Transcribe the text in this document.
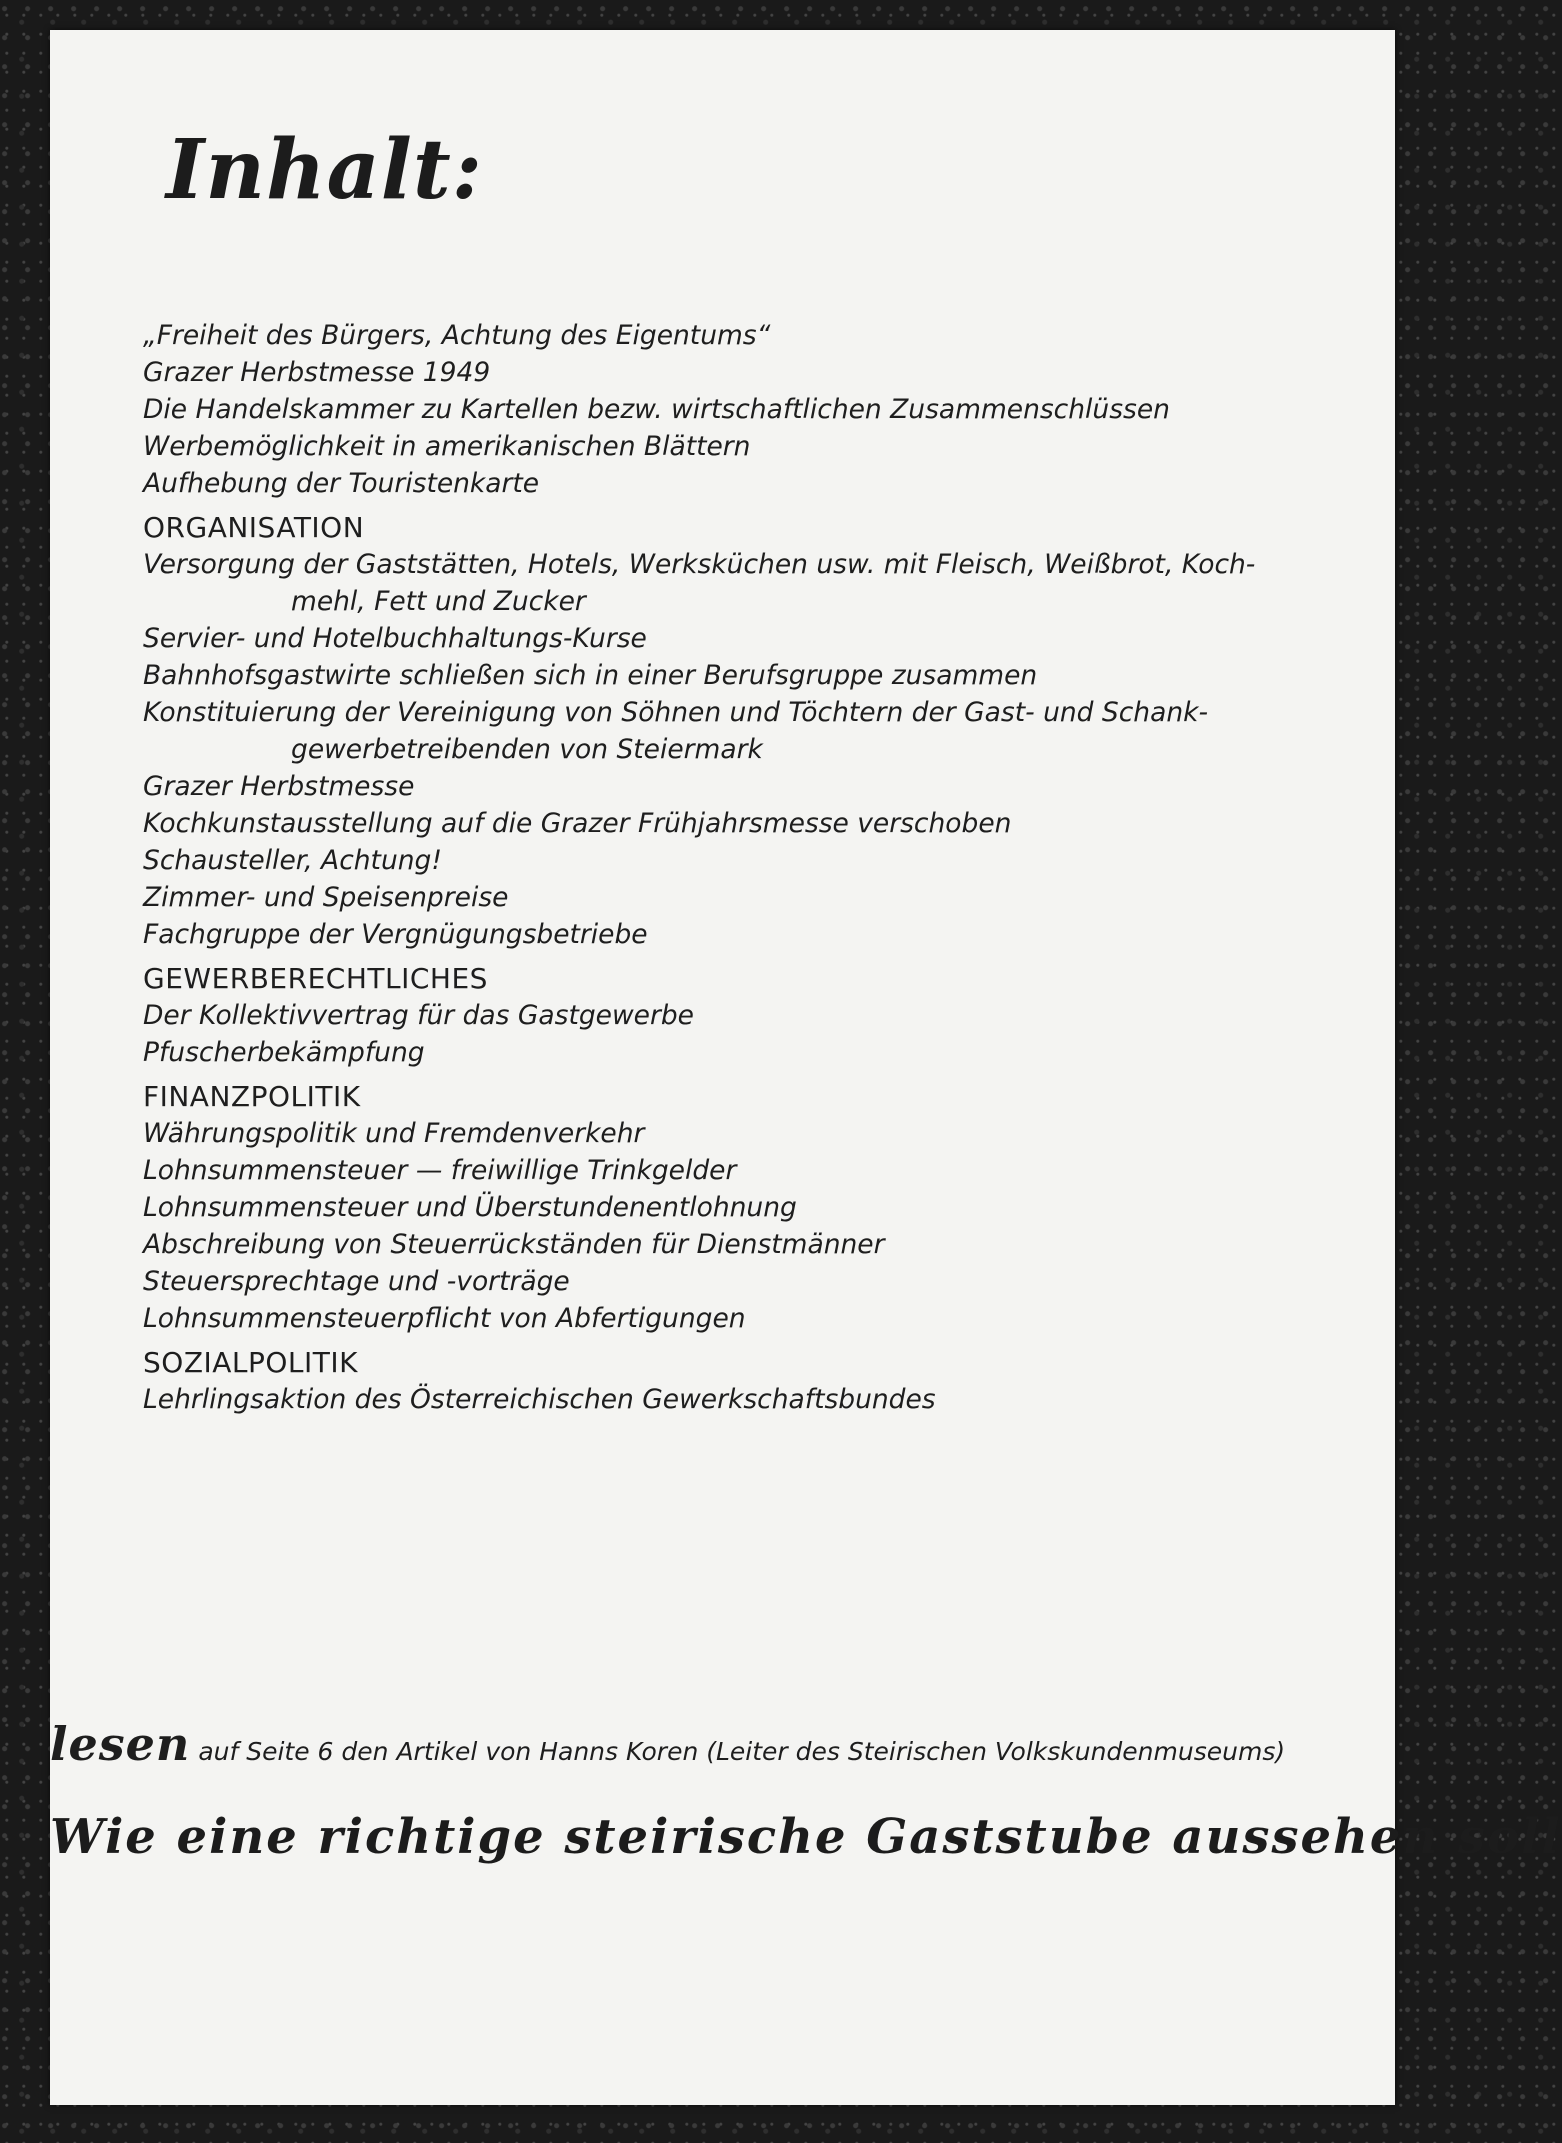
Inhalt:
„Freiheit des Bürgers, Achtung des Eigentums“
Grazer Herbstmesse 1949
Die Handelskammer zu Kartellen bezw. wirtschaftlichen Zusammenschlüssen
Werbemöglichkeit in amerikanischen Blättern
Aufhebung der Touristenkarte
ORGANISATION
Versorgung der Gaststätten, Hotels, Werksküchen usw. mit Fleisch, Weißbrot, Koch-
mehl, Fett und Zucker
Servier- und Hotelbuchhaltungs-Kurse
Bahnhofsgastwirte schließen sich in einer Berufsgruppe zusammen
Konstituierung der Vereinigung von Söhnen und Töchtern der Gast- und Schank-
gewerbetreibenden von Steiermark
Grazer Herbstmesse
Kochkunstausstellung auf die Grazer Frühjahrsmesse verschoben
Schausteller, Achtung!
Zimmer- und Speisenpreise
Fachgruppe der Vergnügungsbetriebe
GEWERBERECHTLICHES
Der Kollektivvertrag für das Gastgewerbe
Pfuscherbekämpfung
FINANZPOLITIK
Währungspolitik und Fremdenverkehr
Lohnsummensteuer — freiwillige Trinkgelder
Lohnsummensteuer und Überstundenentlohnung
Abschreibung von Steuerrückständen für Dienstmänner
Steuersprechtage und -vorträge
Lohnsummensteuerpflicht von Abfertigungen
SOZIALPOLITIK
Lehrlingsaktion des Österreichischen Gewerkschaftsbundes
lesen auf Seite 6 den Artikel von Hanns Koren (Leiter des Steirischen Volkskundenmuseums)
Wie eine richtige steirische Gaststube aussehen soll
